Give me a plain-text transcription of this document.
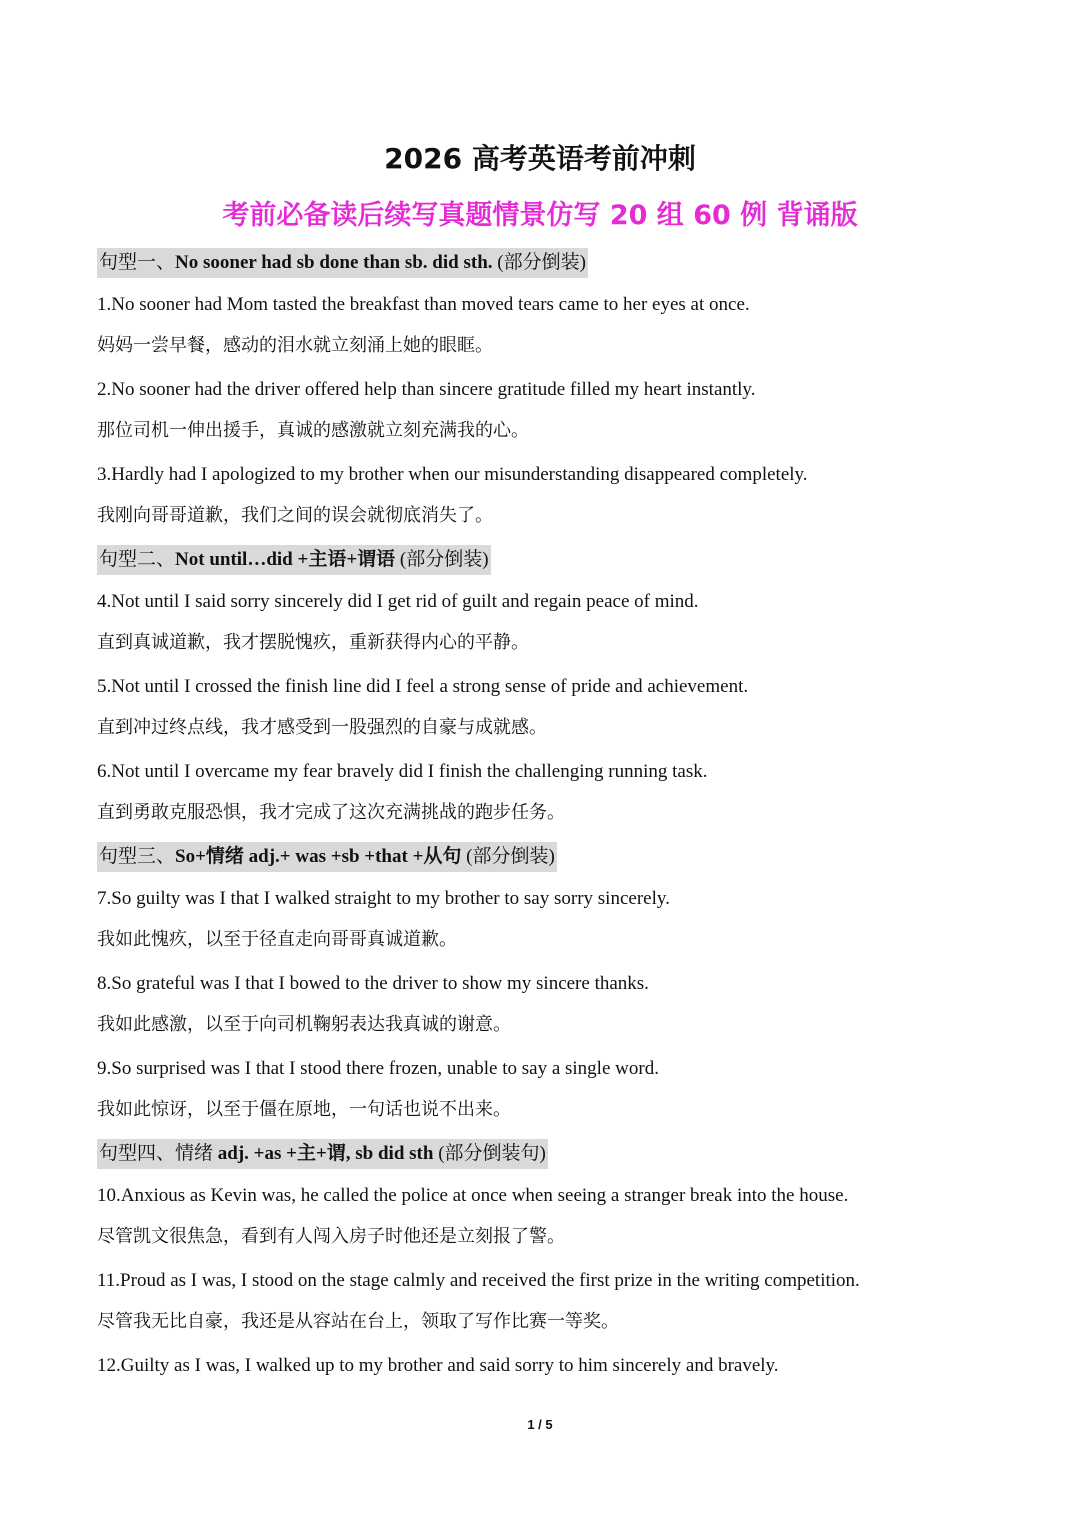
2026 高考英语考前冲刺
考前必备读后续写真题情景仿写 20 组 60 例 背诵版
句型一、No sooner had sb done than sb. did sth. (部分倒装)
1.No sooner had Mom tasted the breakfast than moved tears came to her eyes at once.
妈妈一尝早餐，感动的泪水就立刻涌上她的眼眶。
2.No sooner had the driver offered help than sincere gratitude filled my heart instantly.
那位司机一伸出援手，真诚的感激就立刻充满我的心。
3.Hardly had I apologized to my brother when our misunderstanding disappeared completely.
我刚向哥哥道歉，我们之间的误会就彻底消失了。
句型二、Not until…did +主语+谓语 (部分倒装)
4.Not until I said sorry sincerely did I get rid of guilt and regain peace of mind.
直到真诚道歉，我才摆脱愧疚，重新获得内心的平静。
5.Not until I crossed the finish line did I feel a strong sense of pride and achievement.
直到冲过终点线，我才感受到一股强烈的自豪与成就感。
6.Not until I overcame my fear bravely did I finish the challenging running task.
直到勇敢克服恐惧，我才完成了这次充满挑战的跑步任务。
句型三、So+情绪 adj.+ was +sb +that +从句 (部分倒装)
7.So guilty was I that I walked straight to my brother to say sorry sincerely.
我如此愧疚，以至于径直走向哥哥真诚道歉。
8.So grateful was I that I bowed to the driver to show my sincere thanks.
我如此感激，以至于向司机鞠躬表达我真诚的谢意。
9.So surprised was I that I stood there frozen, unable to say a single word.
我如此惊讶，以至于僵在原地，一句话也说不出来。
句型四、情绪 adj. +as +主+谓, sb did sth (部分倒装句)
10.Anxious as Kevin was, he called the police at once when seeing a stranger break into the house.
尽管凯文很焦急，看到有人闯入房子时他还是立刻报了警。
11.Proud as I was, I stood on the stage calmly and received the first prize in the writing competition.
尽管我无比自豪，我还是从容站在台上，领取了写作比赛一等奖。
12.Guilty as I was, I walked up to my brother and said sorry to him sincerely and bravely.
1 / 5
